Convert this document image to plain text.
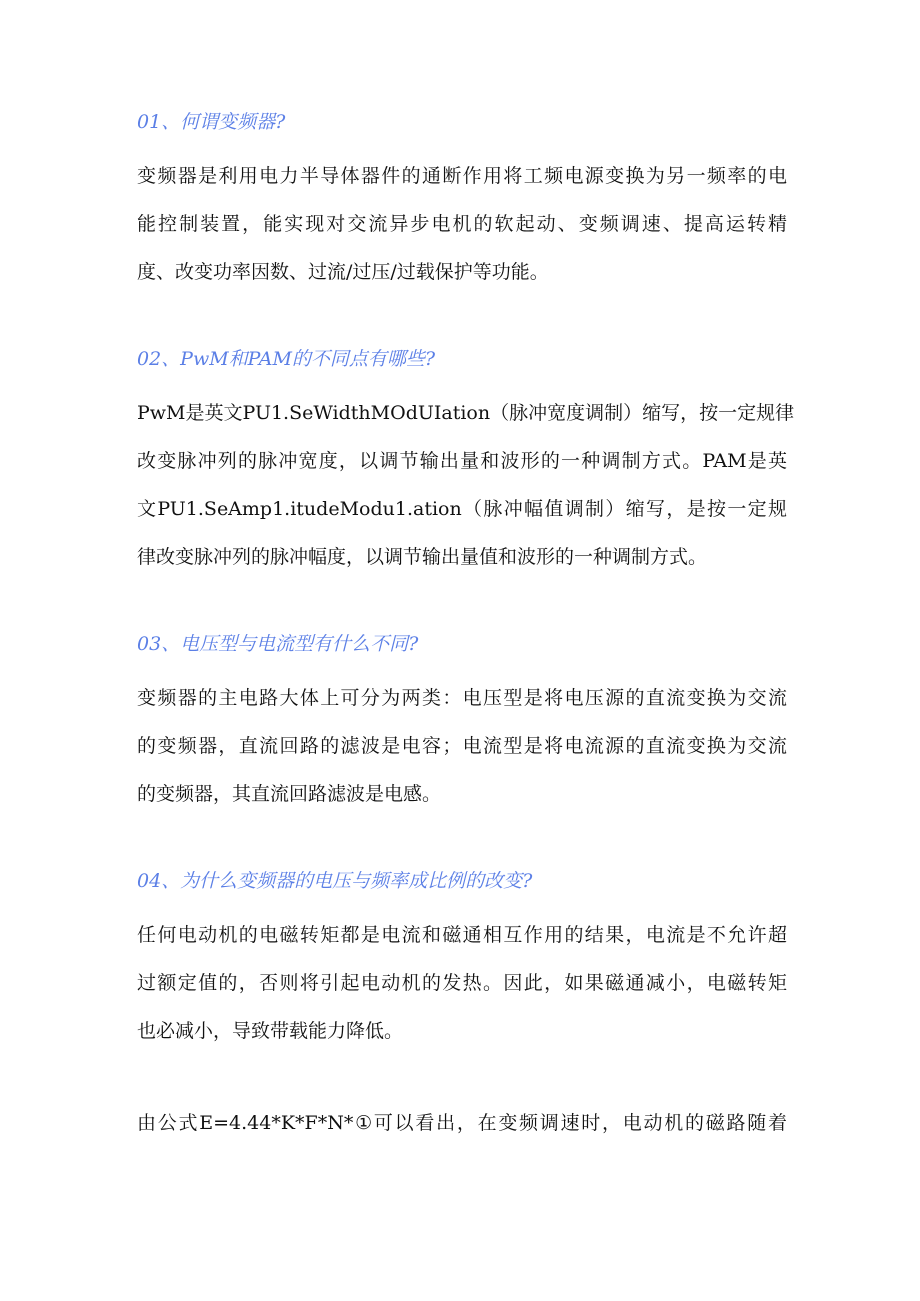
01、何谓变频器?
变频器是利用电力半导体器件的通断作用将工频电源变换为另一频率的电
能控制装置，能实现对交流异步电机的软起动、变频调速、提高运转精
度、改变功率因数、过流/过压/过载保护等功能。
02、PwM和PAM的不同点有哪些?
PwM是英文PU1.SeWidthMOdUIation（脉冲宽度调制）缩写，按一定规律
改变脉冲列的脉冲宽度，以调节输出量和波形的一种调制方式。PAM是英
文PU1.SeAmp1.itudeModu1.ation（脉冲幅值调制）缩写，是按一定规
律改变脉冲列的脉冲幅度，以调节输出量值和波形的一种调制方式。
03、电压型与电流型有什么不同?
变频器的主电路大体上可分为两类：电压型是将电压源的直流变换为交流
的变频器，直流回路的滤波是电容；电流型是将电流源的直流变换为交流
的变频器，其直流回路滤波是电感。
04、为什么变频器的电压与频率成比例的改变?
任何电动机的电磁转矩都是电流和磁通相互作用的结果，电流是不允许超
过额定值的，否则将引起电动机的发热。因此，如果磁通减小，电磁转矩
也必减小，导致带载能力降低。
由公式E=4.44*K*F*N*①可以看出，在变频调速时，电动机的磁路随着
